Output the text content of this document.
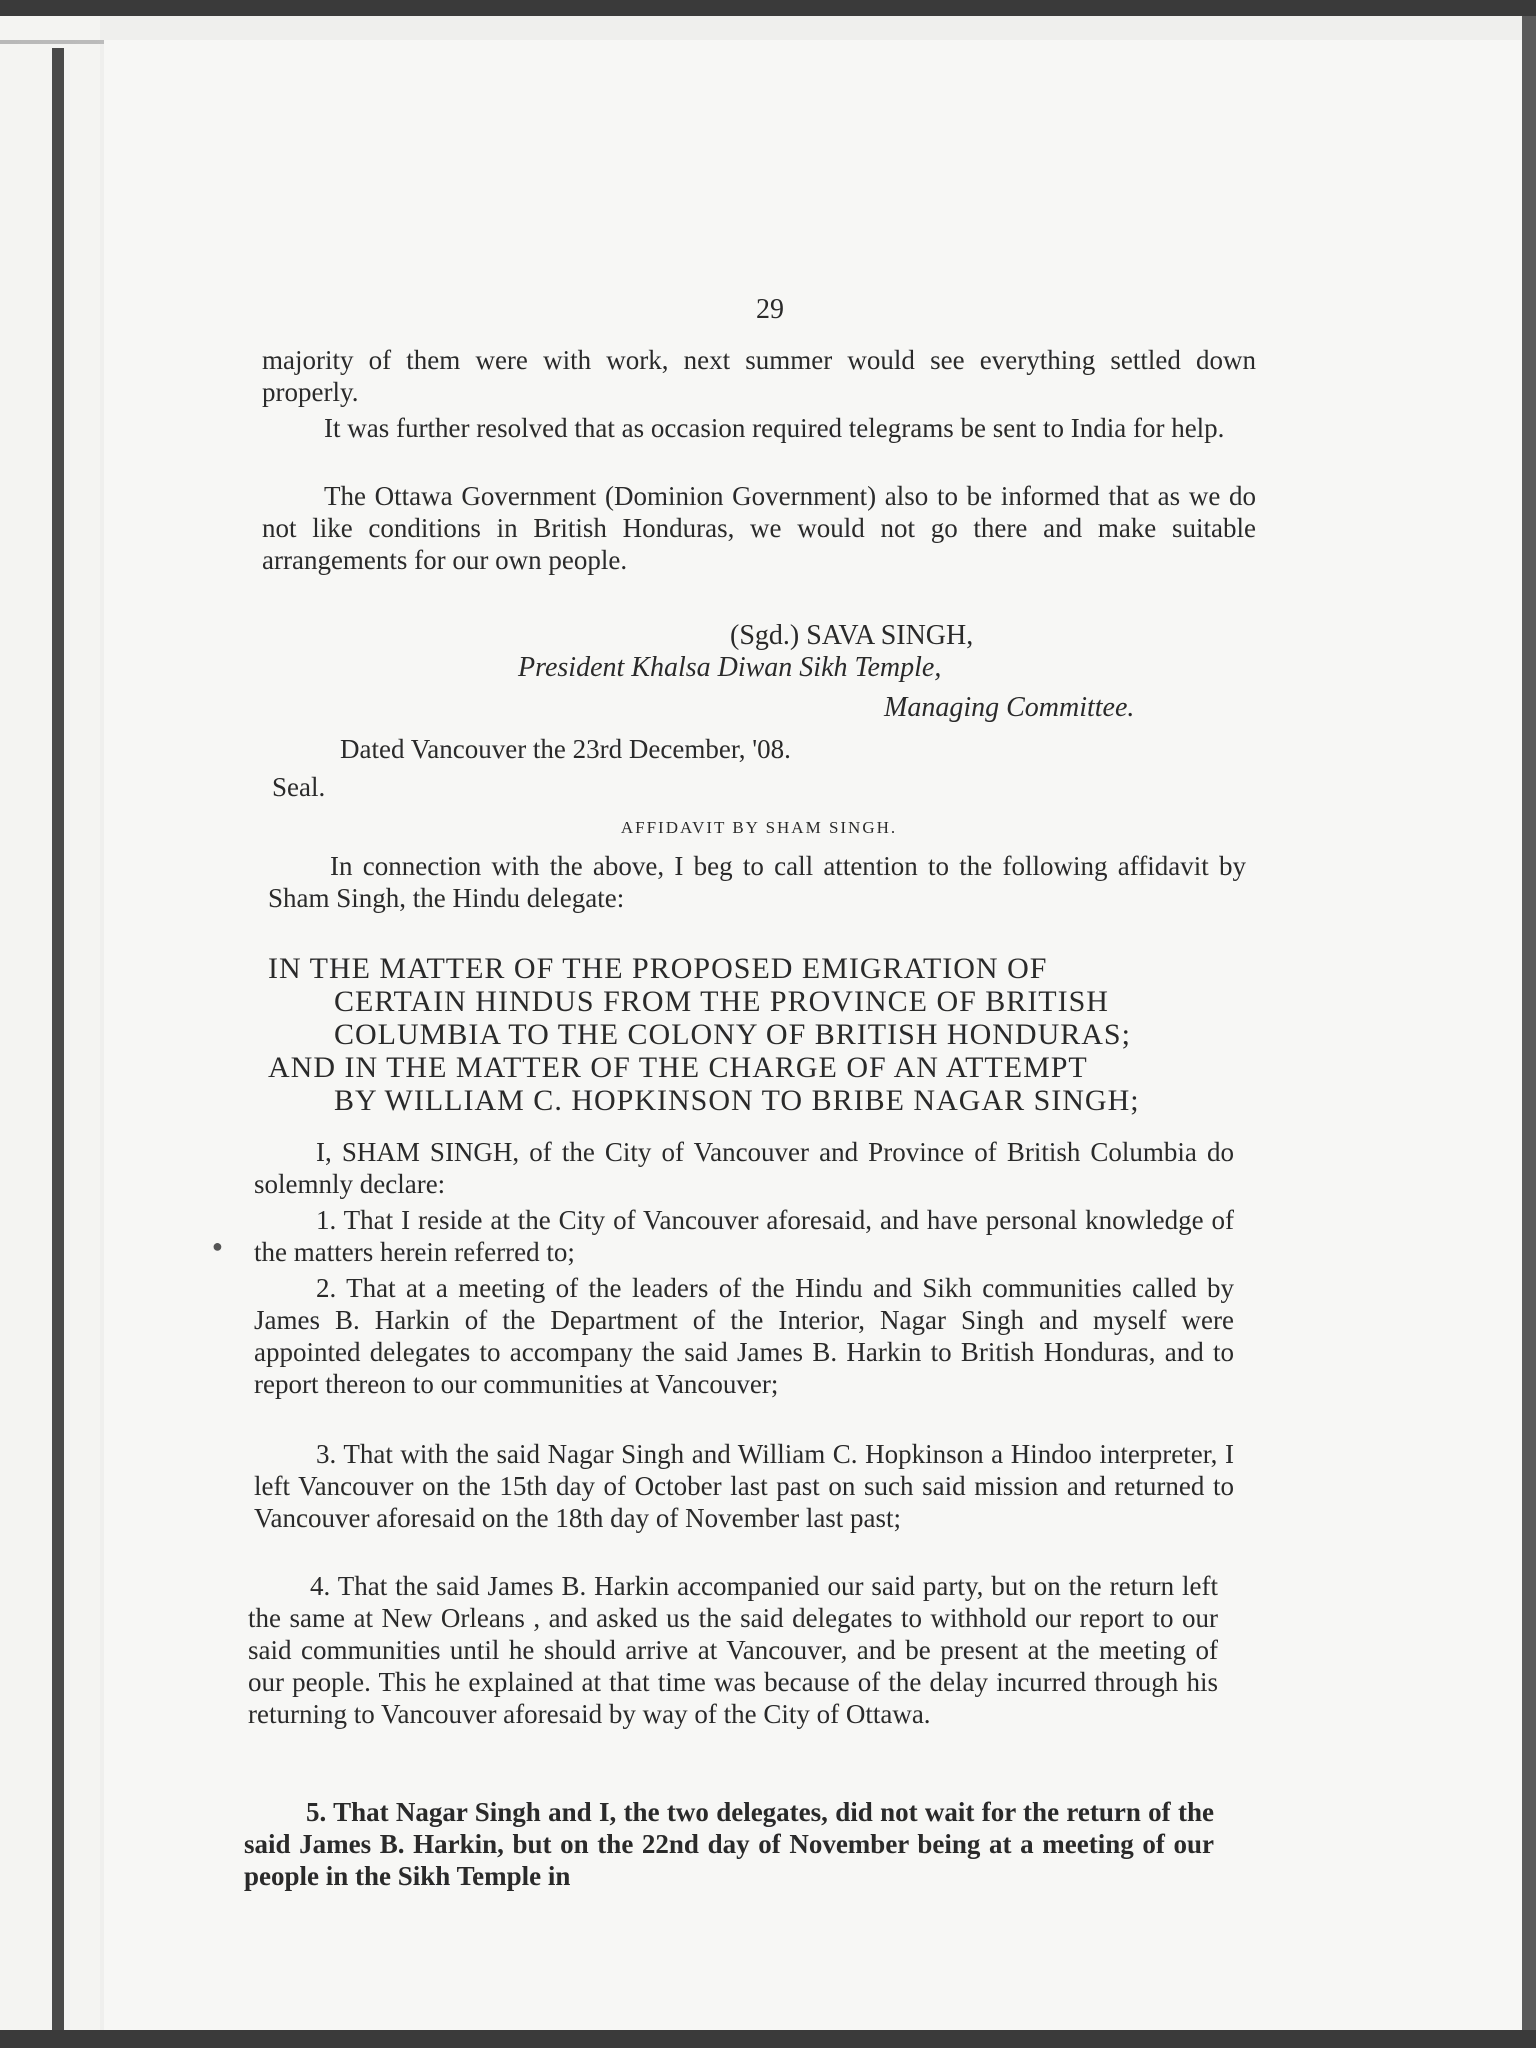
29

majority of them were with work, next summer would see everything settled down properly.

It was further resolved that as occasion required telegrams be sent to India for help.

The Ottawa Government (Dominion Government) also to be informed that as we do not like conditions in British Honduras, we would not go there and make suitable arrangements for our own people.

(Sgd.) SAVA SINGH,

President Khalsa Diwan Sikh Temple,

Managing Committee.

Dated Vancouver the 23rd December, '08.

Seal.

AFFIDAVIT BY SHAM SINGH.

In connection with the above, I beg to call attention to the following affidavit by Sham Singh, the Hindu delegate:

IN THE MATTER OF THE PROPOSED EMIGRATION OF
CERTAIN HINDUS FROM THE PROVINCE OF BRITISH
COLUMBIA TO THE COLONY OF BRITISH HONDURAS;
AND IN THE MATTER OF THE CHARGE OF AN ATTEMPT
BY WILLIAM C. HOPKINSON TO BRIBE NAGAR SINGH;

I, SHAM SINGH, of the City of Vancouver and Province of British Columbia do solemnly declare:

1. That I reside at the City of Vancouver aforesaid, and have personal knowledge of the matters herein referred to;

2. That at a meeting of the leaders of the Hindu and Sikh communities called by James B. Harkin of the Department of the Interior, Nagar Singh and myself were appointed delegates to accompany the said James B. Harkin to British Honduras, and to report thereon to our communities at Vancouver;

3. That with the said Nagar Singh and William C. Hopkinson a Hindoo interpreter, I left Vancouver on the 15th day of October last past on such said mission and returned to Vancouver aforesaid on the 18th day of November last past;

4. That the said James B. Harkin accompanied our said party, but on the return left the same at New Orleans , and asked us the said delegates to withhold our report to our said communities until he should arrive at Vancouver, and be present at the meeting of our people. This he explained at that time was because of the delay incurred through his returning to Vancouver aforesaid by way of the City of Ottawa.

5. That Nagar Singh and I, the two delegates, did not wait for the return of the said James B. Harkin, but on the 22nd day of November being at a meeting of our people in the Sikh Temple in

●
